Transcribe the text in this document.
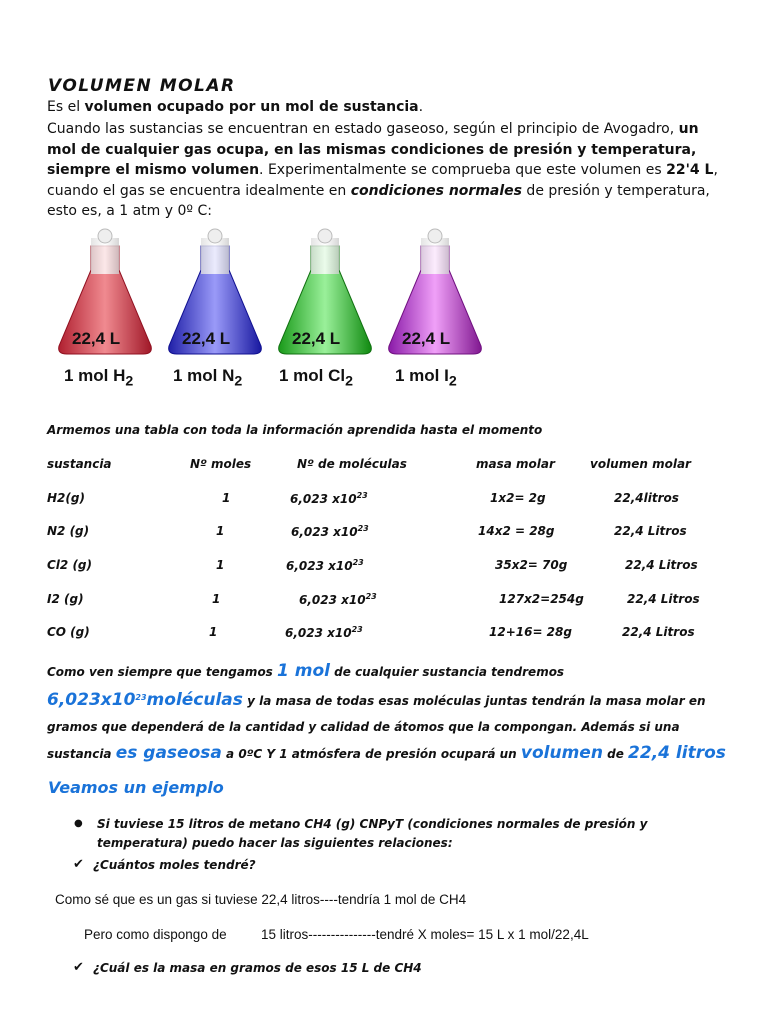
VOLUMEN MOLAR
Es el volumen ocupado por un mol de sustancia.
Cuando las sustancias se encuentran en estado gaseoso, según el principio de Avogadro, un mol de cualquier gas ocupa, en las mismas condiciones de presión y temperatura, siempre el mismo volumen. Experimentalmente se comprueba que este volumen es 22'4 L, cuando el gas se encuentra idealmente en condiciones normales de presión y temperatura, esto es, a 1 atm y 0º C:
22,4 L	22,4 L	22,4 L	22,4 L
1 mol $H_2$ 1 mol $N_2$ 1 mol $Cl_2$ 1 mol $I_2$
Armemos una tabla con toda la información aprendida hasta el momento
sustancia	Nº moles	Nº de moléculas	masa molar	volumen molar
H2(g)	1	6,023 $x10^{23}$	1x2= 2g	22,4litros
N2 (g)	1	6,023 $x10^{23}$	14x2 = 28g	22,4 Litros
Cl2 (g)	1	6,023 $x10^{23}$	35x2= 70g	22,4 Litros
I2 (g)	1	6,023 $x10^{23}$	127x2=254g	22,4 Litros
CO (g)	1	6,023 $x10^{23}$	12+16= 28g	22,4 Litros
Como ven siempre que tengamos 1 mol de cualquier sustancia tendremos
$6,023x10^{23}moléculas$ y la masa de todas esas moléculas juntas tendrán la masa molar en gramos que dependerá de la cantidad y calidad de átomos que la compongan. Además si una sustancia es gaseosa a 0ºC Y 1 atmósfera de presión ocupará un volumen de 22,4 litros
Veamos un ejemplo
● Si tuviese 15 litros de metano CH4 (g) CNPyT (condiciones normales de presión y temperatura) puedo hacer las siguientes relaciones:
✔ ¿Cuántos moles tendré?
Como sé que es un gas si tuviese 22,4 litros----tendría 1 mol de CH4
Pero como dispongo de	15 litros---------------tendré X moles= 15 L x 1 mol/22,4L
✔ ¿Cuál es la masa en gramos de esos 15 L de CH4
